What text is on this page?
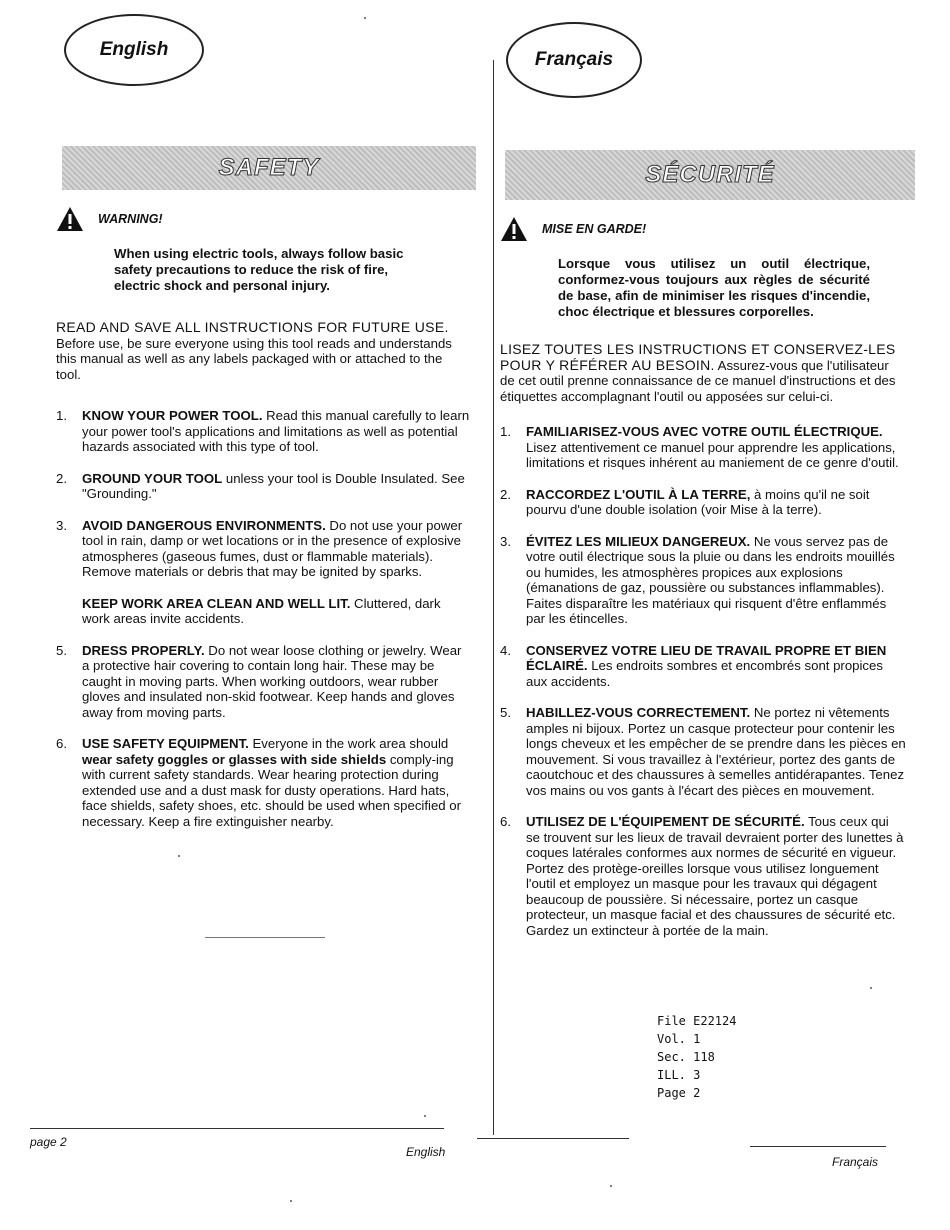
English	Français
SAFETY	SÉCURITÉ
WARNING!
When using electric tools, always follow basic safety precautions to reduce the risk of fire, electric shock and personal injury.
READ AND SAVE ALL INSTRUCTIONS FOR FUTURE USE. Before use, be sure everyone using this tool reads and understands this manual as well as any labels packaged with or attached to the tool.
1.	KNOW YOUR POWER TOOL. Read this manual carefully to learn your power tool's applications and limitations as well as potential hazards associated with this type of tool.
2.	GROUND YOUR TOOL unless your tool is Double Insulated. See "Grounding."
3.	AVOID DANGEROUS ENVIRONMENTS. Do not use your power tool in rain, damp or wet locations or in the presence of explosive atmospheres (gaseous fumes, dust or flammable materials). Remove materials or debris that may be ignited by sparks.
KEEP WORK AREA CLEAN AND WELL LIT. Cluttered, dark work areas invite accidents.
5.	DRESS PROPERLY. Do not wear loose clothing or jewelry. Wear a protective hair covering to contain long hair. These may be caught in moving parts. When working outdoors, wear rubber gloves and insulated non-skid footwear. Keep hands and gloves away from moving parts.
6.	USE SAFETY EQUIPMENT. Everyone in the work area should wear safety goggles or glasses with side shields comply-ing with current safety standards. Wear hearing protection during extended use and a dust mask for dusty operations. Hard hats, face shields, safety shoes, etc. should be used when specified or necessary. Keep a fire extinguisher nearby.
MISE EN GARDE!
Lorsque vous utilisez un outil électrique, conformez-vous toujours aux règles de sécurité de base, afin de minimiser les risques d'incendie, choc électrique et blessures corporelles.
LISEZ TOUTES LES INSTRUCTIONS ET CONSERVEZ-LES POUR Y RÉFÉRER AU BESOIN. Assurez-vous que l'utilisateur de cet outil prenne connaissance de ce manuel d'instructions et des étiquettes accomplagnant l'outil ou apposées sur celui-ci.
1.	FAMILIARISEZ-VOUS AVEC VOTRE OUTIL ÉLECTRIQUE. Lisez attentivement ce manuel pour apprendre les applications, limitations et risques inhérent au maniement de ce genre d'outil.
2.	RACCORDEZ L'OUTIL À LA TERRE, à moins qu'il ne soit pourvu d'une double isolation (voir Mise à la terre).
3.	ÉVITEZ LES MILIEUX DANGEREUX. Ne vous servez pas de votre outil électrique sous la pluie ou dans les endroits mouillés ou humides, les atmosphères propices aux explosions (émanations de gaz, poussière ou substances inflammables). Faites disparaître les matériaux qui risquent d'être enflammés par les étincelles.
4.	CONSERVEZ VOTRE LIEU DE TRAVAIL PROPRE ET BIEN ÉCLAIRÉ. Les endroits sombres et encombrés sont propices aux accidents.
5.	HABILLEZ-VOUS CORRECTEMENT. Ne portez ni vêtements amples ni bijoux. Portez un casque protecteur pour contenir les longs cheveux et les empêcher de se prendre dans les pièces en mouvement. Si vous travaillez à l'extérieur, portez des gants de caoutchouc et des chaussures à semelles antidérapantes. Tenez vos mains ou vos gants à l'écart des pièces en mouvement.
6.	UTILISEZ DE L'ÉQUIPEMENT DE SÉCURITÉ. Tous ceux qui se trouvent sur les lieux de travail devraient porter des lunettes à coques latérales conformes aux normes de sécurité en vigueur. Portez des protège-oreilles lorsque vous utilisez longuement l'outil et employez un masque pour les travaux qui dégagent beaucoup de poussière. Si nécessaire, portez un casque protecteur, un masque facial et des chaussures de sécurité etc. Gardez un extincteur à portée de la main.
File E22124
Vol. 1
Sec. 118
ILL. 3
Page 2
page 2
English
Français
